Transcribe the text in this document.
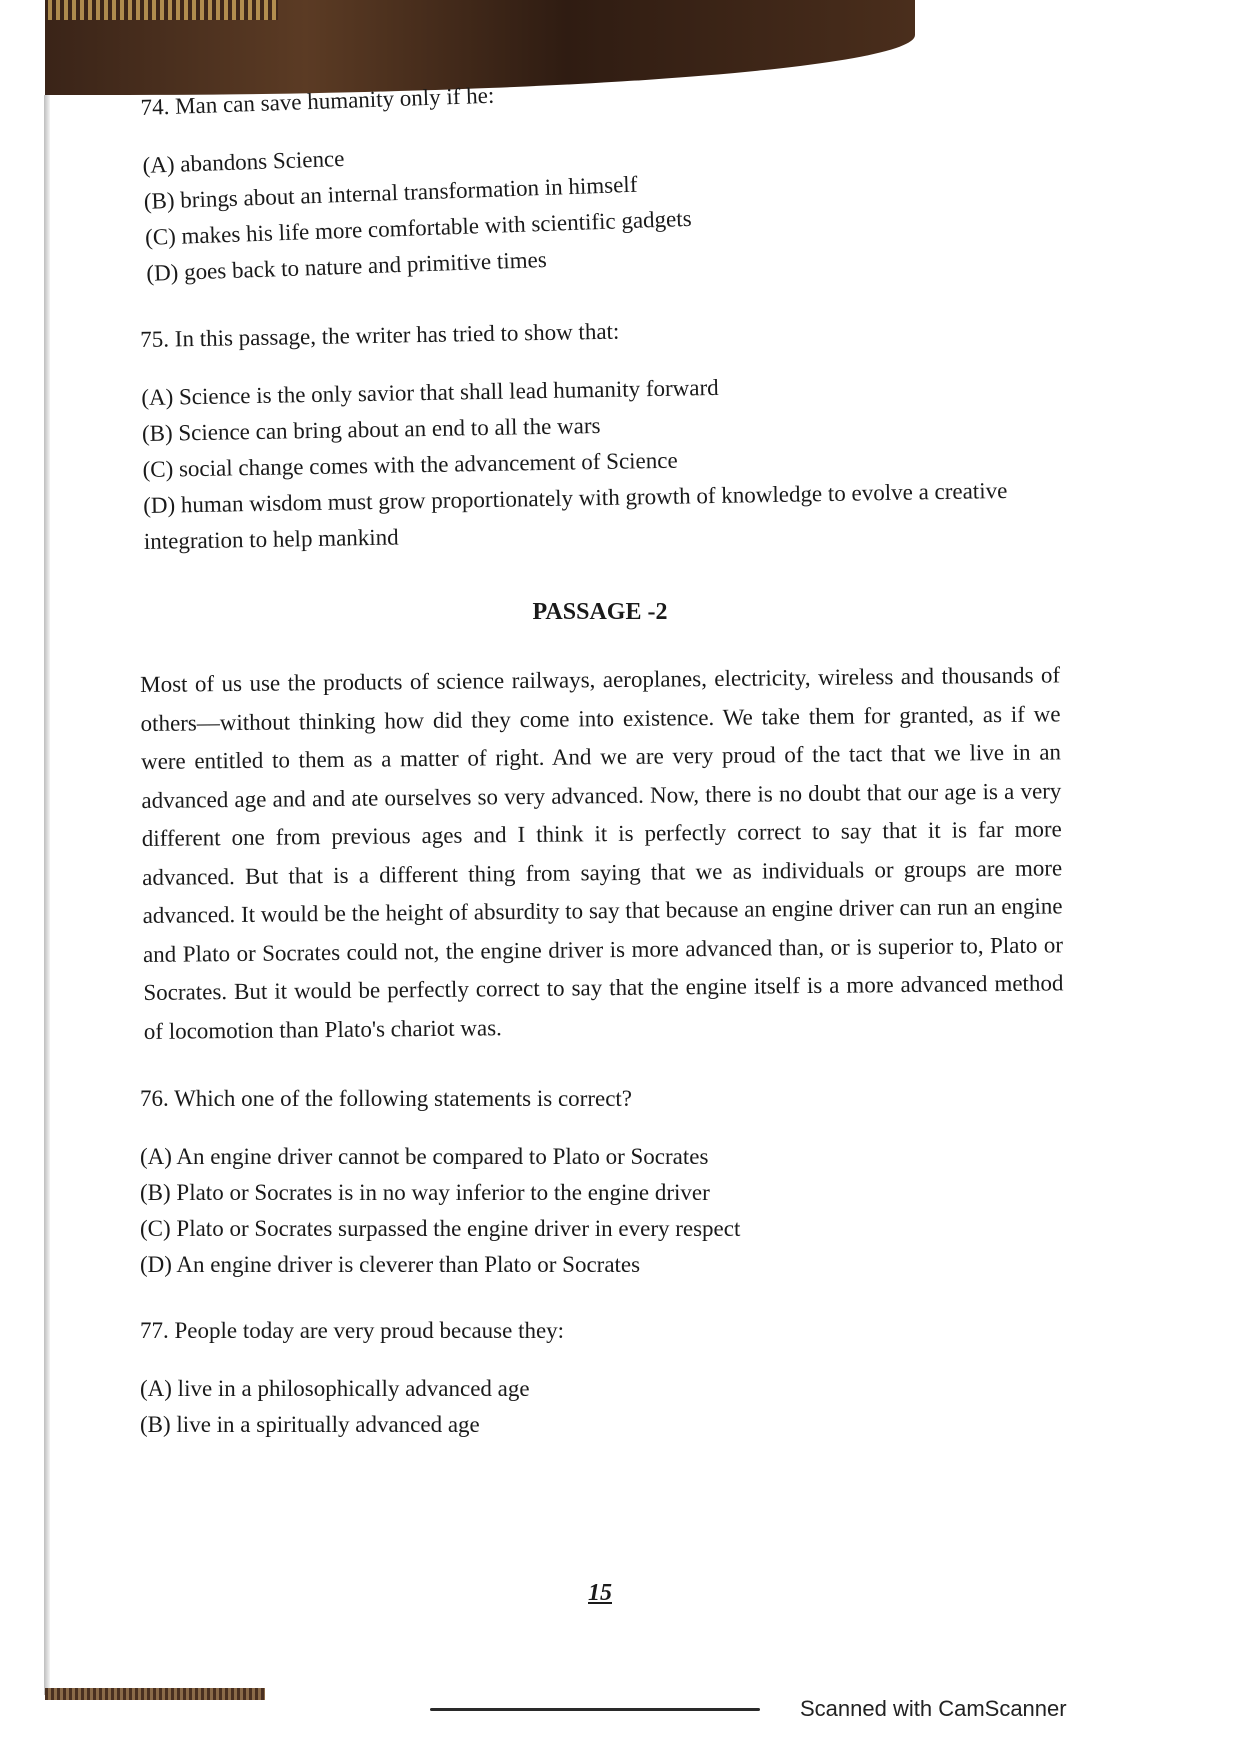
74. Man can save humanity only if he:

(A) abandons Science
(B) brings about an internal transformation in himself
(C) makes his life more comfortable with scientific gadgets
(D) goes back to nature and primitive times

75. In this passage, the writer has tried to show that:

(A) Science is the only savior that shall lead humanity forward
(B) Science can bring about an end to all the wars
(C) social change comes with the advancement of Science
(D) human wisdom must grow proportionately with growth of knowledge to evolve a creative integration to help mankind
PASSAGE -2

Most of us use the products of science railways, aeroplanes, electricity, wireless and thousands of others—without thinking how did they come into existence. We take them for granted, as if we were entitled to them as a matter of right. And we are very proud of the tact that we live in an advanced age and and ate ourselves so very advanced. Now, there is no doubt that our age is a very different one from previous ages and I think it is perfectly correct to say that it is far more advanced. But that is a different thing from saying that we as individuals or groups are more advanced. It would be the height of absurdity to say that because an engine driver can run an engine and Plato or Socrates could not, the engine driver is more advanced than, or is superior to, Plato or Socrates. But it would be perfectly correct to say that the engine itself is a more advanced method of locomotion than Plato's chariot was.

76. Which one of the following statements is correct?

(A) An engine driver cannot be compared to Plato or Socrates
(B) Plato or Socrates is in no way inferior to the engine driver
(C) Plato or Socrates surpassed the engine driver in every respect
(D) An engine driver is cleverer than Plato or Socrates

77. People today are very proud because they:

(A) live in a philosophically advanced age
(B) live in a spiritually advanced age
15
Scanned with CamScanner
